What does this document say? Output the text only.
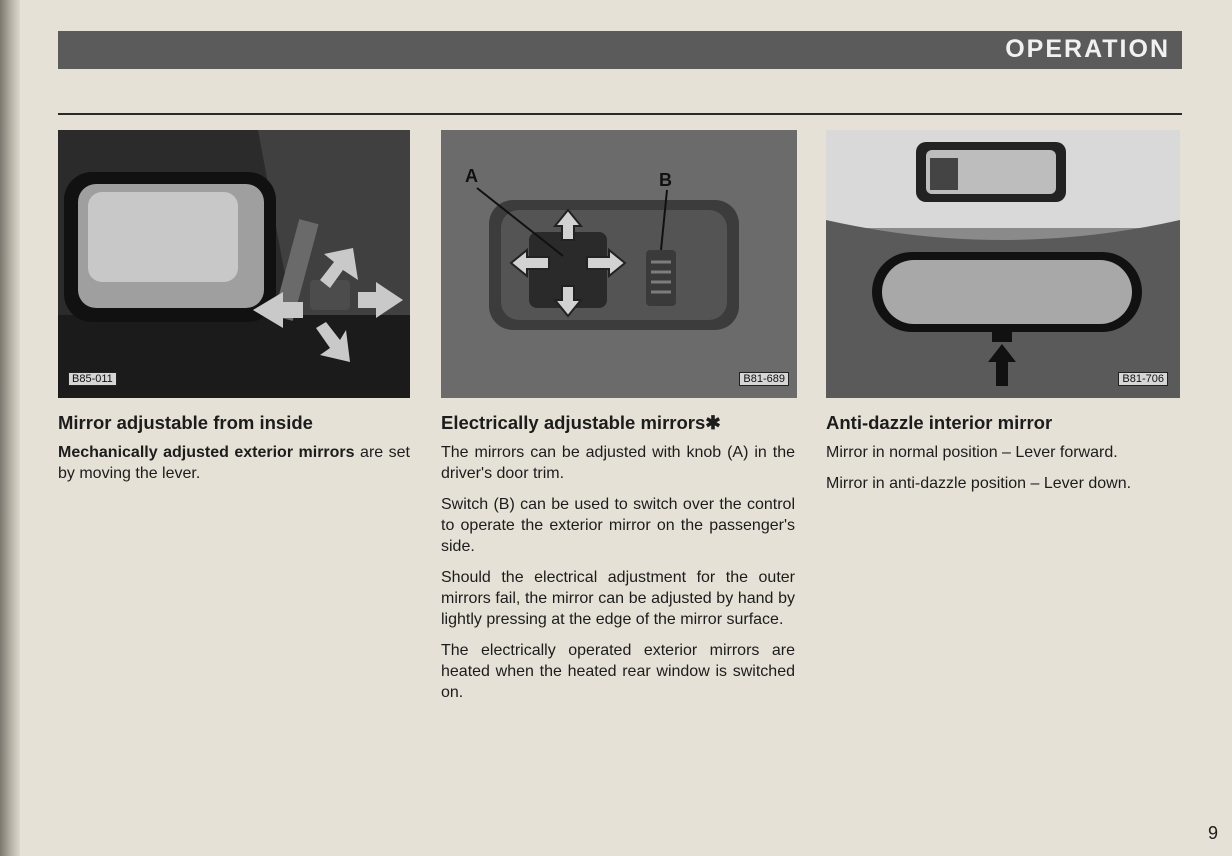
OPERATION
B85-011
A	B
B81-689	B81-706
Mirror adjustable from inside

Mechanically adjusted exterior mirrors are set by moving the lever.

Electrically adjustable mirrors✱

The mirrors can be adjusted with knob (A) in the driver's door trim.

Switch (B) can be used to switch over the control to operate the exterior mirror on the passenger's side.

Should the electrical adjustment for the outer mirrors fail, the mirror can be adjusted by hand by lightly pressing at the edge of the mirror surface.

The electrically operated exterior mirrors are heated when the heated rear window is switched on.

Anti-dazzle interior mirror

Mirror in normal position – Lever forward.

Mirror in anti-dazzle position – Lever down.

9
